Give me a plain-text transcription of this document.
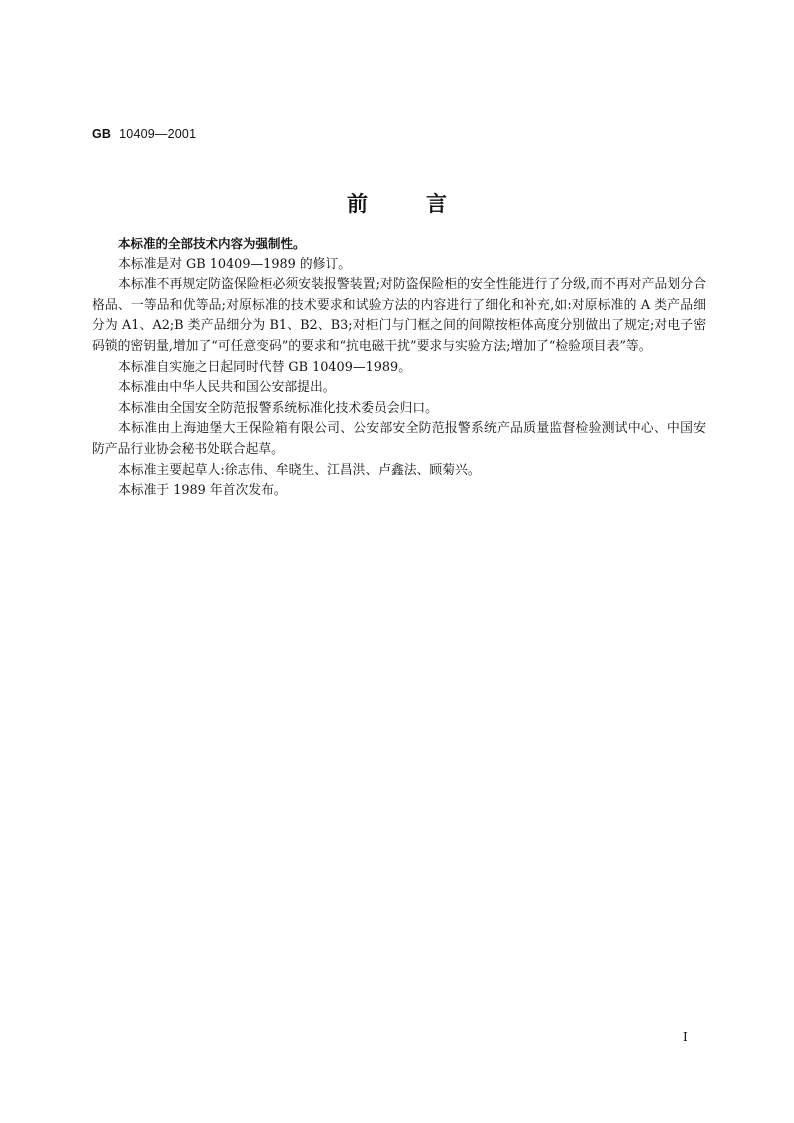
GB 10409—2001
前言

本标准的全部技术内容为强制性。

本标准是对 GB 10409—1989 的修订。

本标准不再规定防盗保险柜必须安装报警装置;对防盗保险柜的安全性能进行了分级,而不再对产品划分合格品、一等品和优等品;对原标准的技术要求和试验方法的内容进行了细化和补充,如:对原标准的 A 类产品细分为 A1、A2;B 类产品细分为 B1、B2、B3;对柜门与门框之间的间隙按柜体高度分别做出了规定;对电子密码锁的密钥量,增加了“可任意变码”的要求和“抗电磁干扰”要求与实验方法;增加了“检验项目表”等。

本标准自实施之日起同时代替 GB 10409—1989。

本标准由中华人民共和国公安部提出。

本标准由全国安全防范报警系统标准化技术委员会归口。

本标准由上海迪堡大王保险箱有限公司、公安部安全防范报警系统产品质量监督检验测试中心、中国安防产品行业协会秘书处联合起草。

本标准主要起草人:徐志伟、牟晓生、江昌洪、卢鑫法、顾菊兴。

本标准于 1989 年首次发布。

I
